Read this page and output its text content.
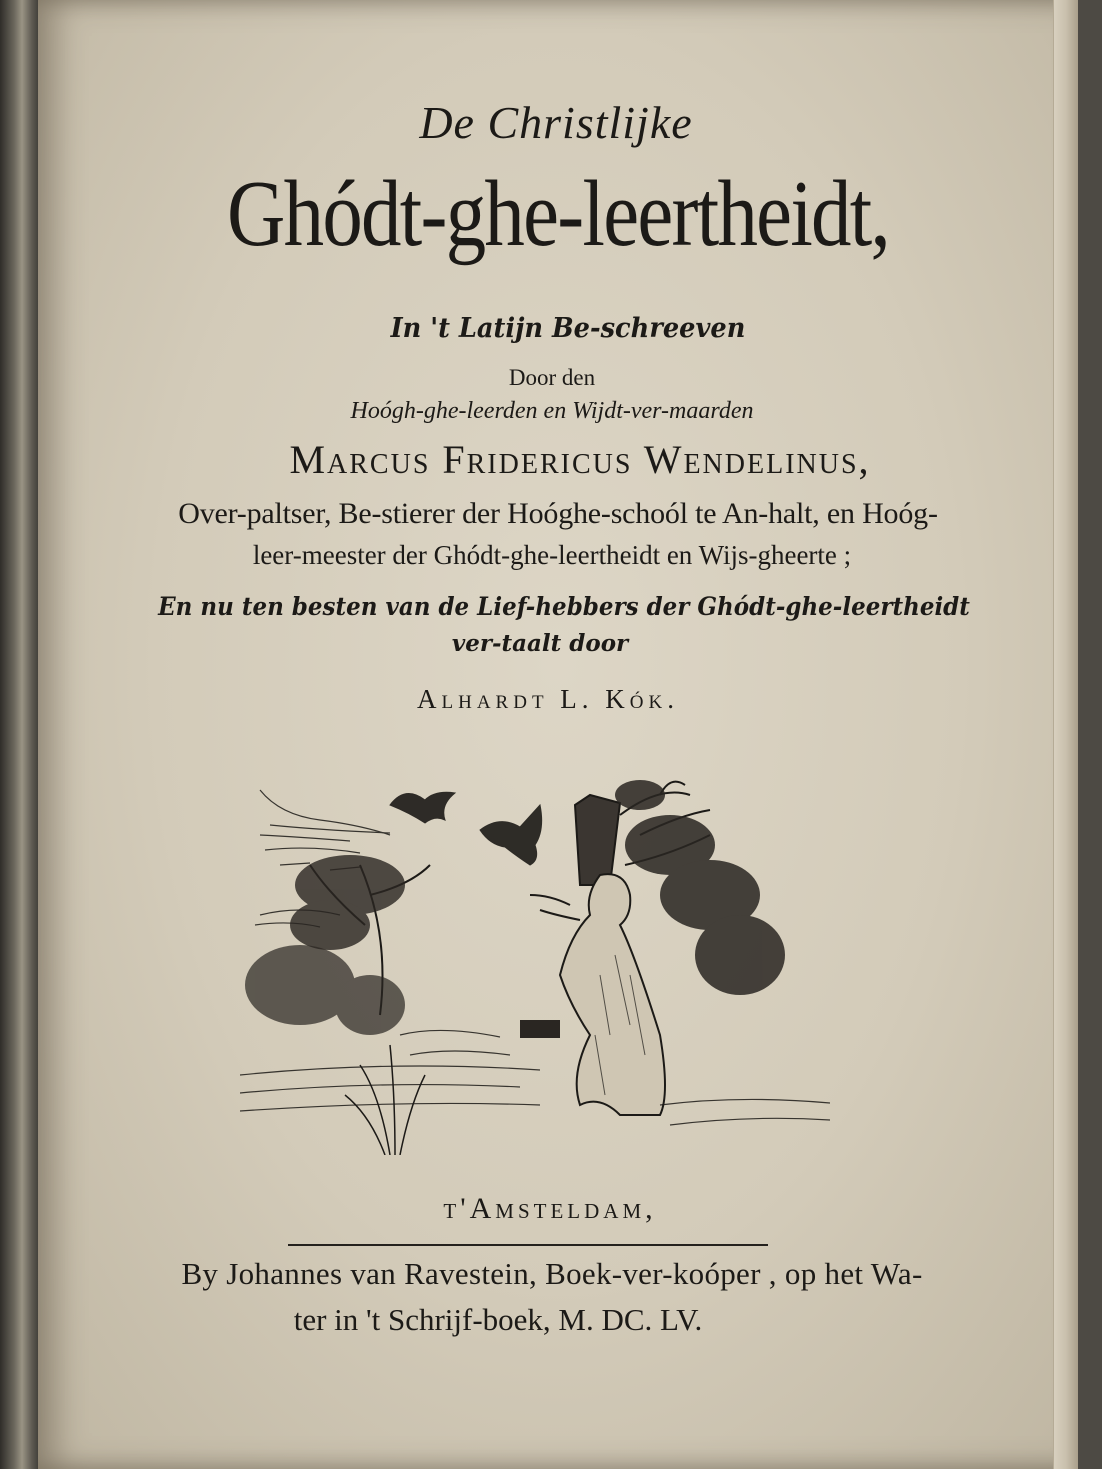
De Christlijke
Ghódt-ghe-leertheidt,
In 't Latijn Be-schreeven
Door den
Hoógh-ghe-leerden en Wijdt-ver-maarden
Marcus Fridericus Wendelinus,
Over-paltser, Be-stierer der Hoóghe-schoól te An-halt, en Hoóg-
leer-meester der Ghódt-ghe-leertheidt en Wijs-gheerte ;
En nu ten besten van de Lief-hebbers der Ghódt-ghe-leertheidt
ver-taalt door
Alhardt L. Kók.
t'Amsteldam,
By Johannes van Ravestein, Boek-ver-koóper , op het Wa-
ter in 't Schrijf-boek, M. DC. LV.
